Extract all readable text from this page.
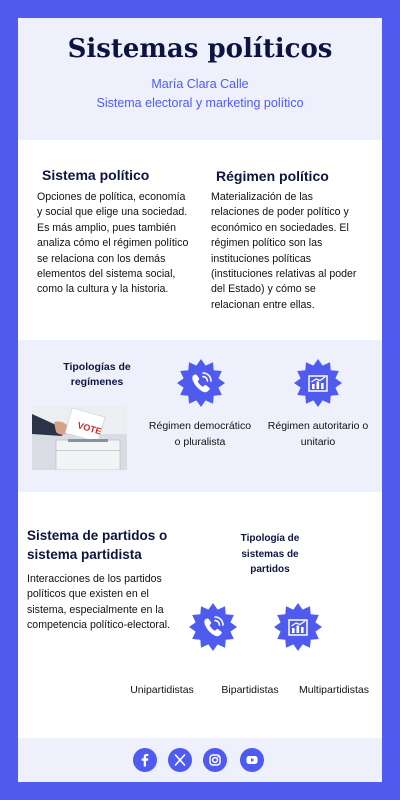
Sistemas políticos
María Clara Calle
Sistema electoral y marketing político
Sistema político
Opciones de política, economía y social que elige una sociedad. Es más amplio, pues también analiza cómo el régimen político se relaciona con los demás elementos del sistema social, como la cultura y la historia.
Régimen político
Materialización de las relaciones de poder político y económico en sociedades. El régimen político son las instituciones políticas (instituciones relativas al poder del Estado) y cómo se relacionan entre ellas.
Tipologías de regímenes
VOTE	Régimen democrático o pluralista
Régimen autoritario o unitario
Sistema de partidos o sistema partidista
Interacciones de los partidos políticos que existen en el sistema, especialmente en la competencia político-electoral.
Tipología de sistemas de partidos
Unipartidistas	Bipartidistas	Multipartidistas
